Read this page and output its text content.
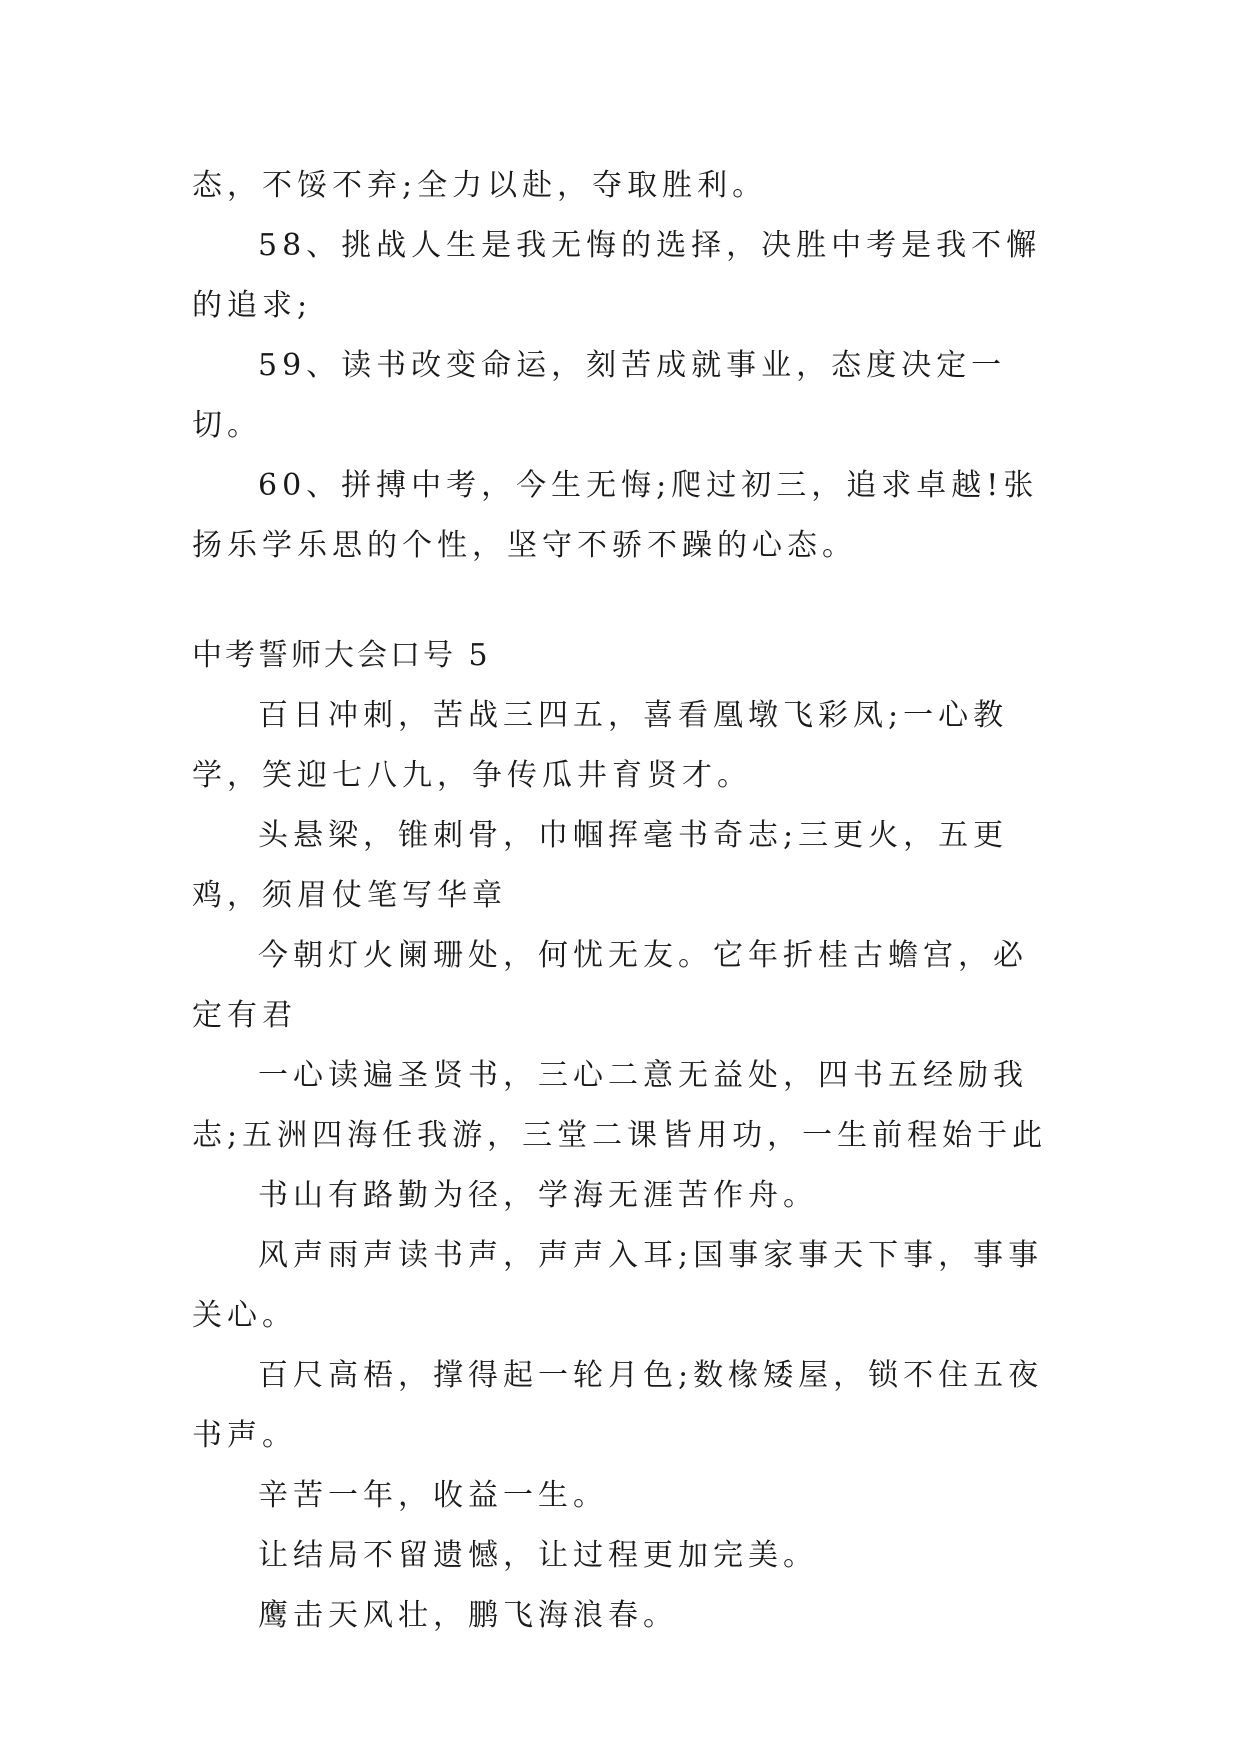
态，不馁不弃;全力以赴，夺取胜利。

58、挑战人生是我无悔的选择，决胜中考是我不懈的追求;

59、读书改变命运，刻苦成就事业，态度决定一切。

60、拼搏中考，今生无悔;爬过初三，追求卓越!张扬乐学乐思的个性，坚守不骄不躁的心态。

中考誓师大会口号 5

百日冲刺，苦战三四五，喜看凰墩飞彩凤;一心教学，笑迎七八九，争传瓜井育贤才。

头悬梁，锥刺骨，巾帼挥毫书奇志;三更火，五更鸡，须眉仗笔写华章

今朝灯火阑珊处，何忧无友。它年折桂古蟾宫，必定有君

一心读遍圣贤书，三心二意无益处，四书五经励我志;五洲四海任我游，三堂二课皆用功，一生前程始于此

书山有路勤为径，学海无涯苦作舟。

风声雨声读书声，声声入耳;国事家事天下事，事事关心。

百尺高梧，撑得起一轮月色;数椽矮屋，锁不住五夜书声。

辛苦一年，收益一生。

让结局不留遗憾，让过程更加完美。

鹰击天风壮，鹏飞海浪春。
